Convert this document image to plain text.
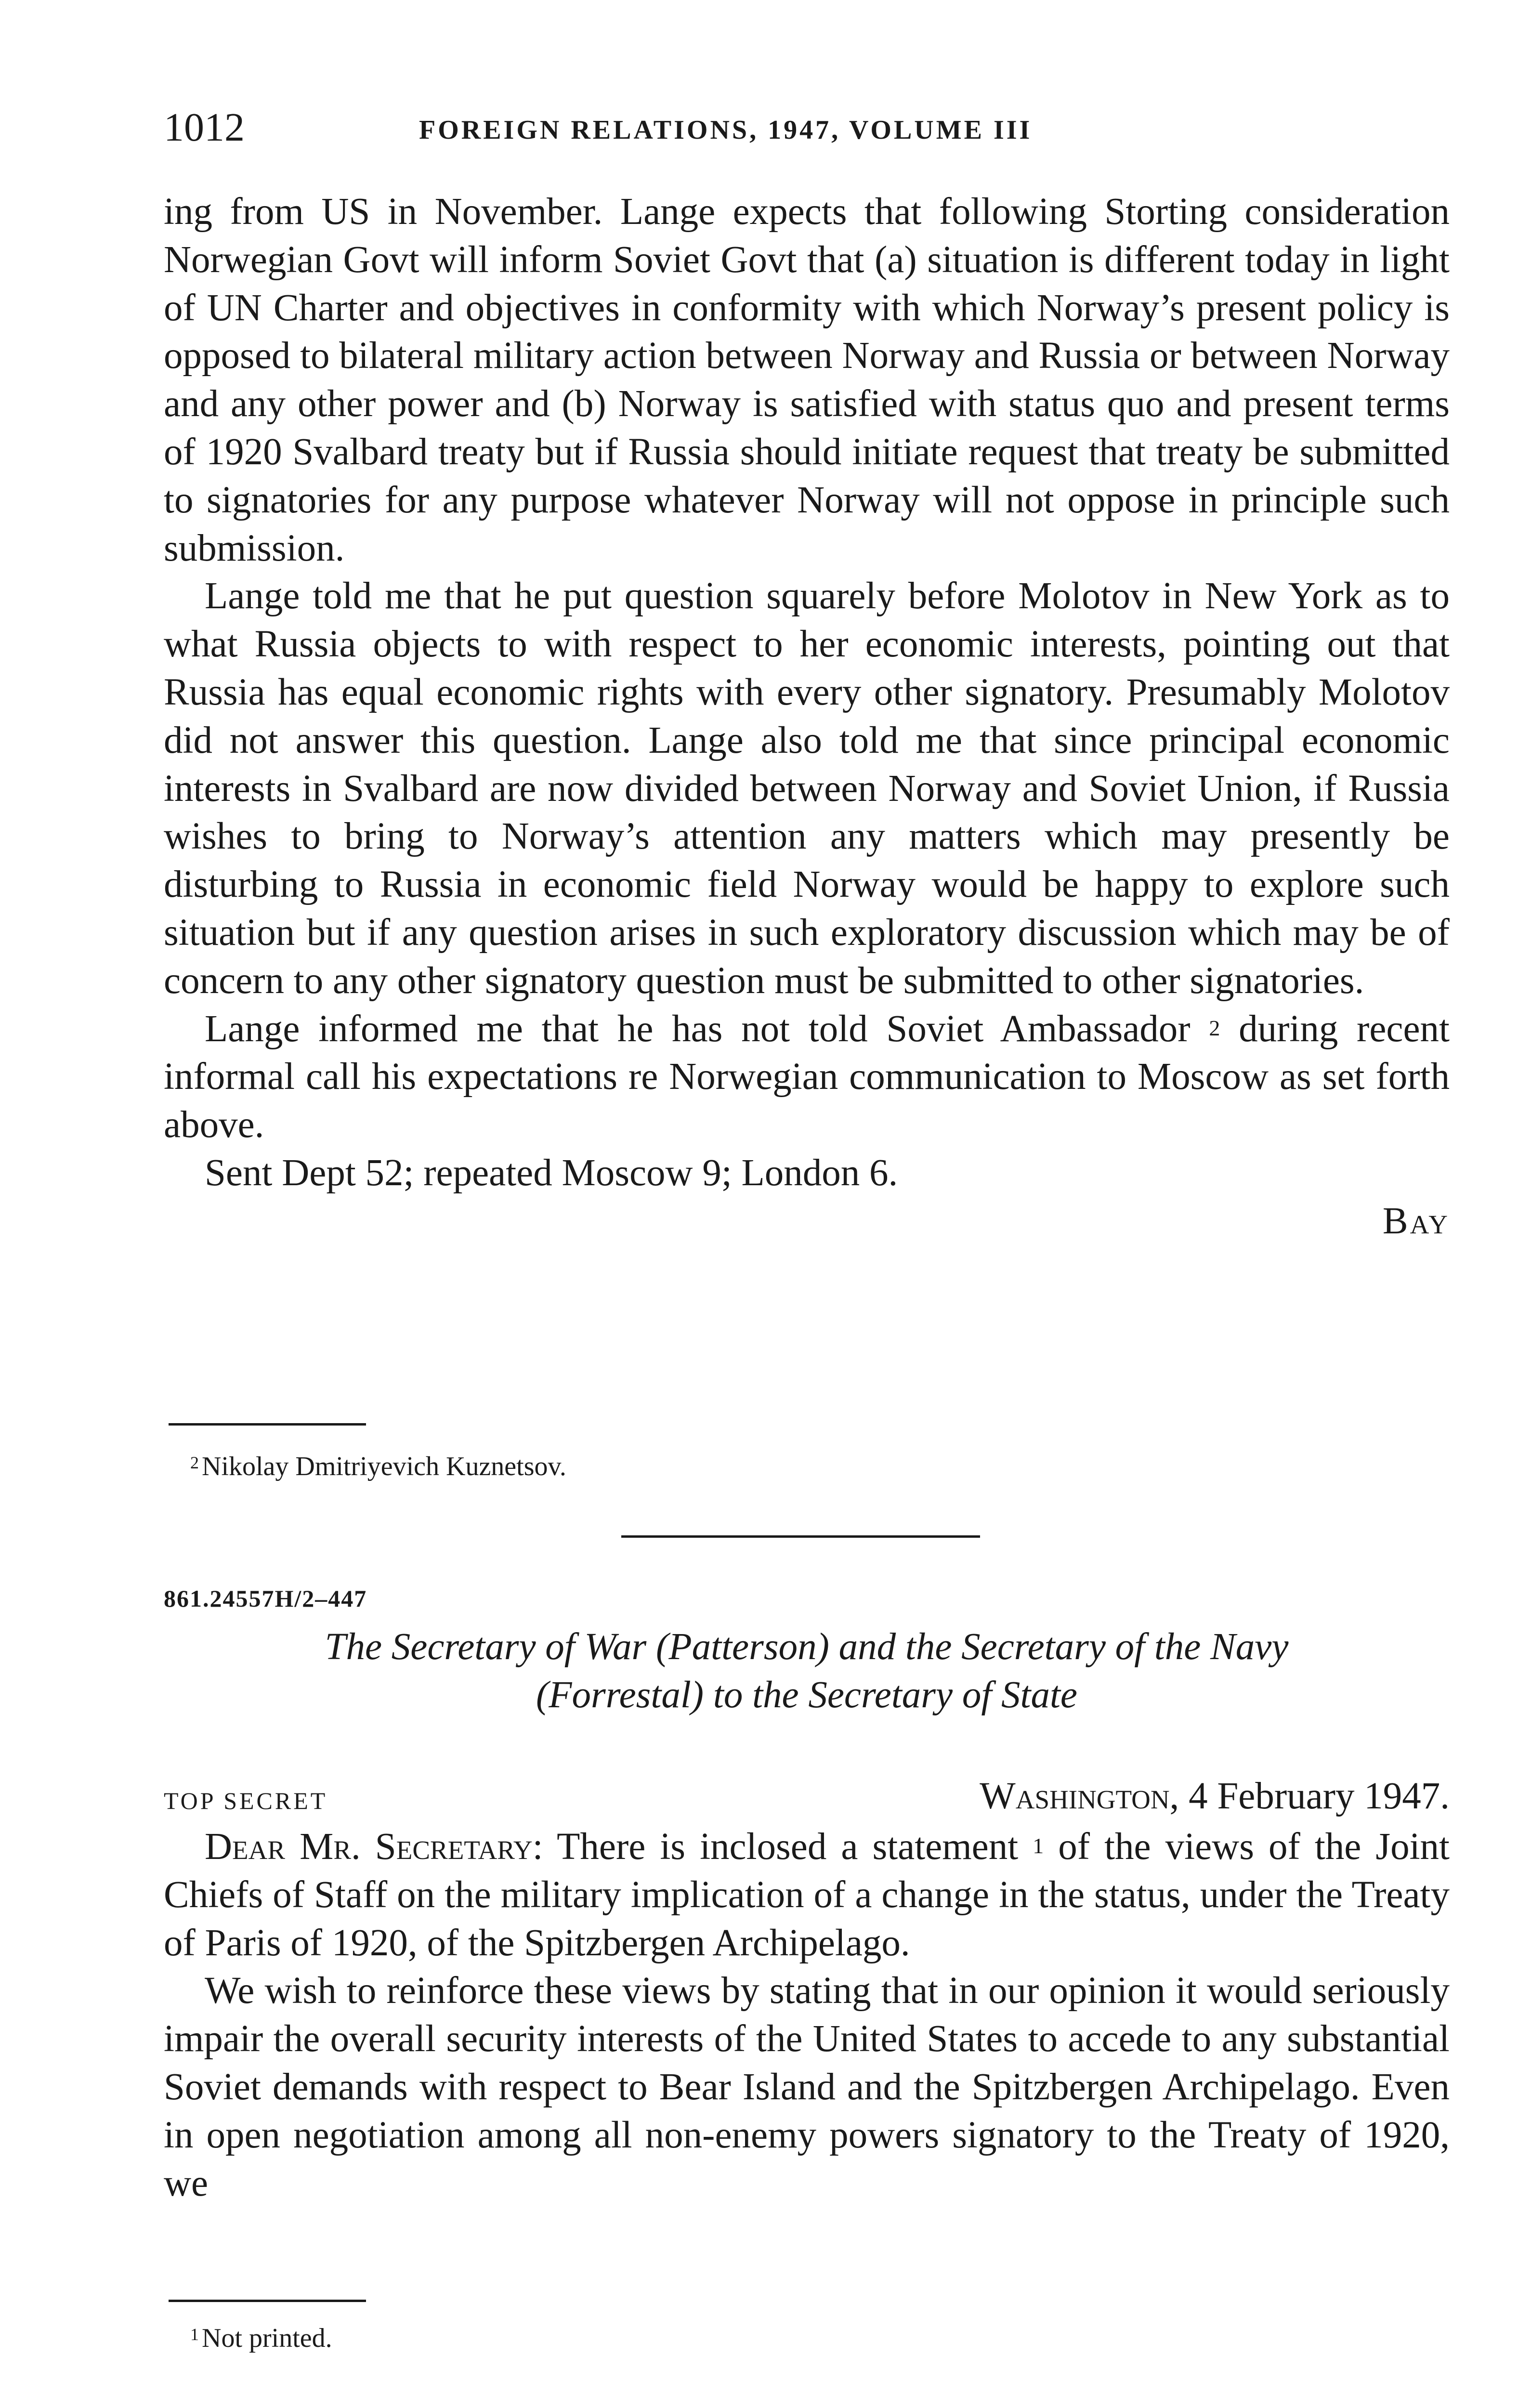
1012	FOREIGN RELATIONS, 1947, VOLUME III

ing from US in November. Lange expects that following Storting consideration Norwegian Govt will inform Soviet Govt that (a) situation is different today in light of UN Charter and objectives in conformity with which Norway’s present policy is opposed to bilateral military action between Norway and Russia or between Norway and any other power and (b) Norway is satisfied with status quo and present terms of 1920 Svalbard treaty but if Russia should initiate request that treaty be submitted to signatories for any purpose whatever Norway will not oppose in principle such submission.

Lange told me that he put question squarely before Molotov in New York as to what Russia objects to with respect to her economic interests, pointing out that Russia has equal economic rights with every other signatory. Presumably Molotov did not answer this question. Lange also told me that since principal economic interests in Svalbard are now divided between Norway and Soviet Union, if Russia wishes to bring to Norway’s attention any matters which may presently be disturbing to Russia in economic field Norway would be happy to explore such situation but if any question arises in such exploratory discussion which may be of concern to any other signatory question must be submitted to other signatories.

Lange informed me that he has not told Soviet Ambassador $^2$ during recent informal call his expectations re Norwegian communication to Moscow as set forth above.

Sent Dept 52; repeated Moscow 9; London 6.

Bay

$^2$ Nikolay Dmitriyevich Kuznetsov.
861.24557H/2–447
The Secretary of War (Patterson) and the Secretary of the Navy
(Forrestal) to the Secretary of State
TOP SECRET	Washington, 4 February 1947.

Dear Mr. Secretary: There is inclosed a statement $^1$ of the views of the Joint Chiefs of Staff on the military implication of a change in the status, under the Treaty of Paris of 1920, of the Spitzbergen Archipelago.

We wish to reinforce these views by stating that in our opinion it would seriously impair the overall security interests of the United States to accede to any substantial Soviet demands with respect to Bear Island and the Spitzbergen Archipelago. Even in open negotiation among all non-enemy powers signatory to the Treaty of 1920, we

$^1$ Not printed.
